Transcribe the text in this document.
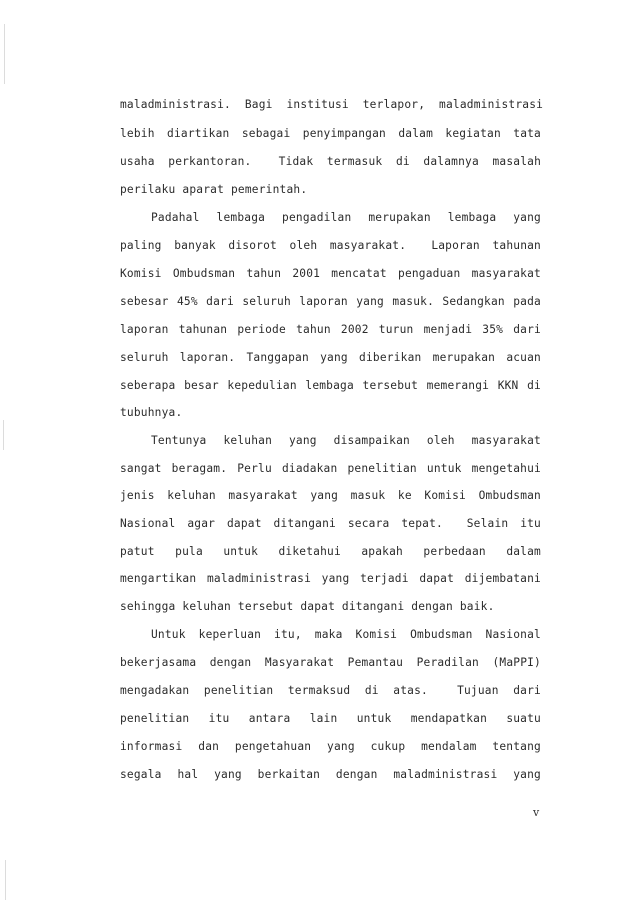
maladministrasi.  Bagi  institusi  terlapor,  maladministrasi
lebih diartikan sebagai penyimpangan dalam kegiatan tata
usaha perkantoran.  Tidak termasuk di dalamnya masalah
perilaku aparat pemerintah.
Padahal lembaga pengadilan merupakan lembaga yang
paling banyak disorot oleh masyarakat.  Laporan tahunan
Komisi Ombudsman tahun 2001 mencatat pengaduan masyarakat
sebesar 45% dari seluruh laporan yang masuk. Sedangkan pada
laporan tahunan periode tahun 2002 turun menjadi 35% dari
seluruh laporan. Tanggapan yang diberikan merupakan acuan
seberapa besar kepedulian lembaga tersebut memerangi KKN di
tubuhnya.
Tentunya keluhan yang disampaikan oleh masyarakat
sangat beragam. Perlu diadakan penelitian untuk mengetahui
jenis keluhan masyarakat yang masuk ke Komisi Ombudsman
Nasional agar dapat ditangani secara tepat.  Selain itu
patut pula untuk diketahui apakah perbedaan dalam
mengartikan maladministrasi yang terjadi dapat dijembatani
sehingga keluhan tersebut dapat ditangani dengan baik.
Untuk keperluan itu, maka Komisi Ombudsman Nasional
bekerjasama dengan Masyarakat Pemantau Peradilan (MaPPI)
mengadakan penelitian termaksud di atas.  Tujuan dari
penelitian itu antara lain untuk mendapatkan suatu
informasi dan pengetahuan yang cukup mendalam tentang
segala hal yang berkaitan dengan maladministrasi yang
v
